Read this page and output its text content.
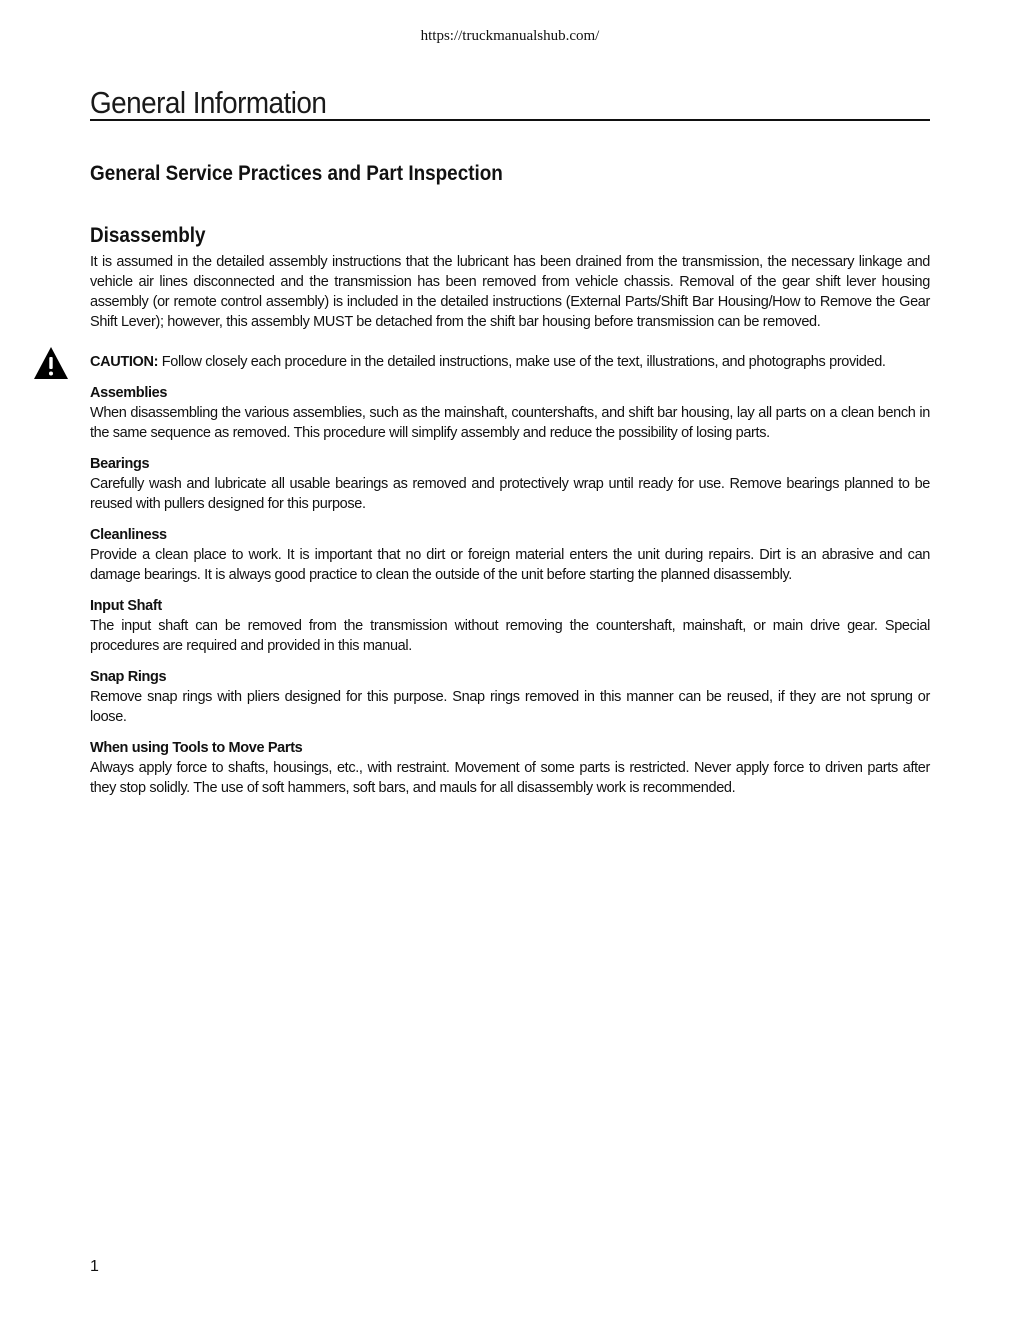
https://truckmanualshub.com/
General Information
General Service Practices and Part Inspection
Disassembly

It is assumed in the detailed assembly instructions that the lubricant has been drained from the transmission, the necessary linkage and vehicle air lines disconnected and the transmission has been removed from vehicle chassis. Removal of the gear shift lever housing assembly (or remote control assembly) is included in the detailed instructions (External Parts/Shift Bar Housing/How to Remove the Gear Shift Lever); however, this assembly MUST be detached from the shift bar housing before transmission can be removed.

CAUTION: Follow closely each procedure in the detailed instructions, make use of the text, illustrations, and photographs provided.

Assemblies

When disassembling the various assemblies, such as the mainshaft, countershafts, and shift bar housing, lay all parts on a clean bench in the same sequence as removed. This procedure will simplify assembly and reduce the possibility of losing parts.

Bearings

Carefully wash and lubricate all usable bearings as removed and protectively wrap until ready for use. Remove bearings planned to be reused with pullers designed for this purpose.

Cleanliness

Provide a clean place to work. It is important that no dirt or foreign material enters the unit during repairs. Dirt is an abrasive and can damage bearings. It is always good practice to clean the outside of the unit before starting the planned disassembly.

Input Shaft

The input shaft can be removed from the transmission without removing the countershaft, mainshaft, or main drive gear. Special procedures are required and provided in this manual.

Snap Rings

Remove snap rings with pliers designed for this purpose. Snap rings removed in this manner can be reused, if they are not sprung or loose.

When using Tools to Move Parts

Always apply force to shafts, housings, etc., with restraint. Movement of some parts is restricted. Never apply force to driven parts after they stop solidly. The use of soft hammers, soft bars, and mauls for all disassembly work is recommended.

1
